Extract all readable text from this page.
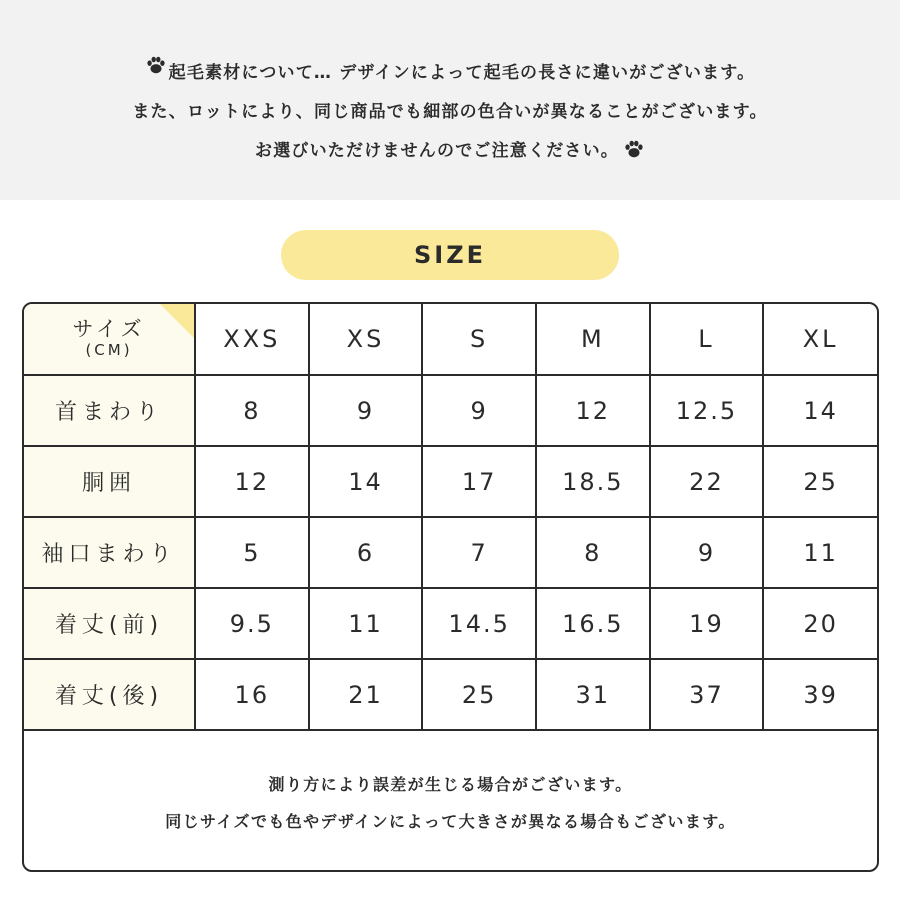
起毛素材について… デザインによって起毛の長さに違いがございます。
また、ロットにより、同じ商品でも細部の色合いが異なることがございます。
お選びいただけませんのでご注意ください。
SIZE
サイズ
(CM)	XXS	XS	S	M	L	XL
首まわり	8	9	9	12	12.5	14
胴囲	12	14	17	18.5	22	25
袖口まわり	5	6	7	8	9	11
着丈(前)	9.5	11	14.5	16.5	19	20
着丈(後)	16	21	25	31	37	39
測り方により誤差が生じる場合がございます。
同じサイズでも色やデザインによって大きさが異なる場合もございます。
